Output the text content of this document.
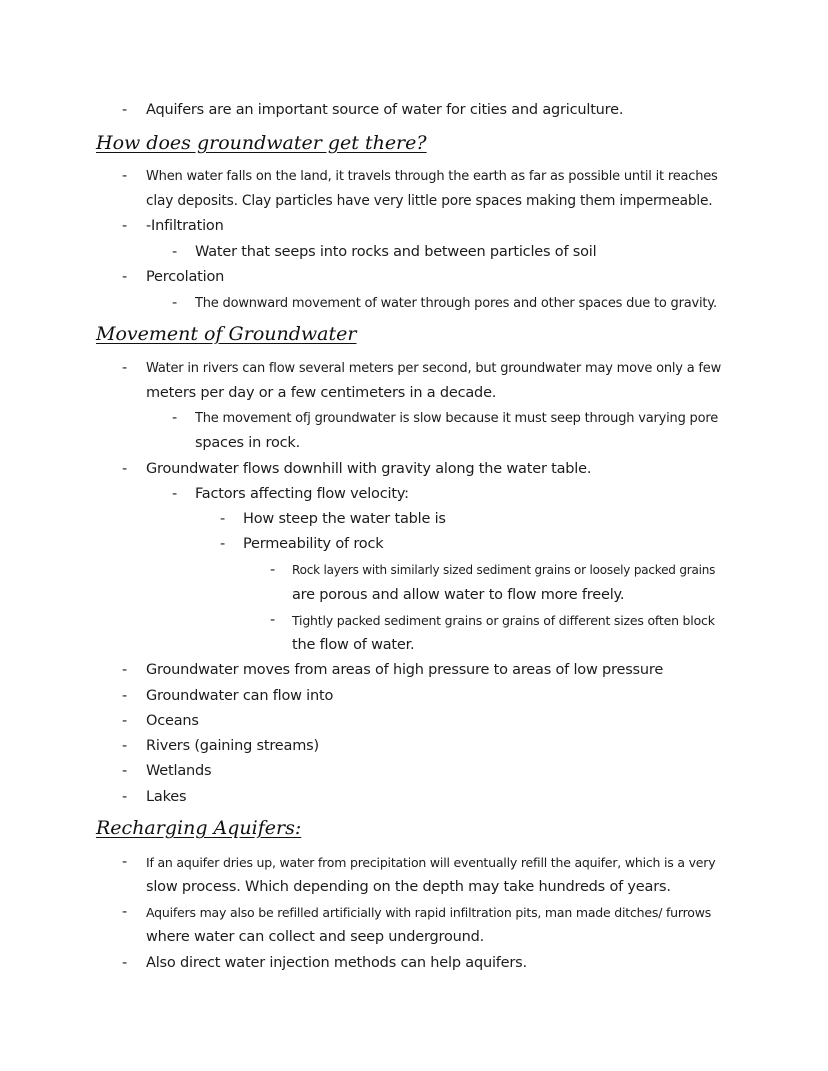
- Aquifers are an important source of water for cities and agriculture.
How does groundwater get there?
- When water falls on the land, it travels through the earth as far as possible until it reaches
clay deposits. Clay particles have very little pore spaces making them impermeable.
- -Infiltration
- Water that seeps into rocks and between particles of soil
- Percolation
- The downward movement of water through pores and other spaces due to gravity.
Movement of Groundwater
- Water in rivers can flow several meters per second, but groundwater may move only a few
meters per day or a few centimeters in a decade.
- The movement ofj groundwater is slow because it must seep through varying pore
spaces in rock.
- Groundwater flows downhill with gravity along the water table.
- Factors affecting flow velocity:
- How steep the water table is
- Permeability of rock
- Rock layers with similarly sized sediment grains or loosely packed grains
are porous and allow water to flow more freely.
- Tightly packed sediment grains or grains of different sizes often block
the flow of water.
- Groundwater moves from areas of high pressure to areas of low pressure
- Groundwater can flow into
- Oceans
- Rivers (gaining streams)
- Wetlands
- Lakes
Recharging Aquifers:
- If an aquifer dries up, water from precipitation will eventually refill the aquifer, which is a very
slow process. Which depending on the depth may take hundreds of years.
- Aquifers may also be refilled artificially with rapid infiltration pits, man made ditches/ furrows
where water can collect and seep underground.
- Also direct water injection methods can help aquifers.
